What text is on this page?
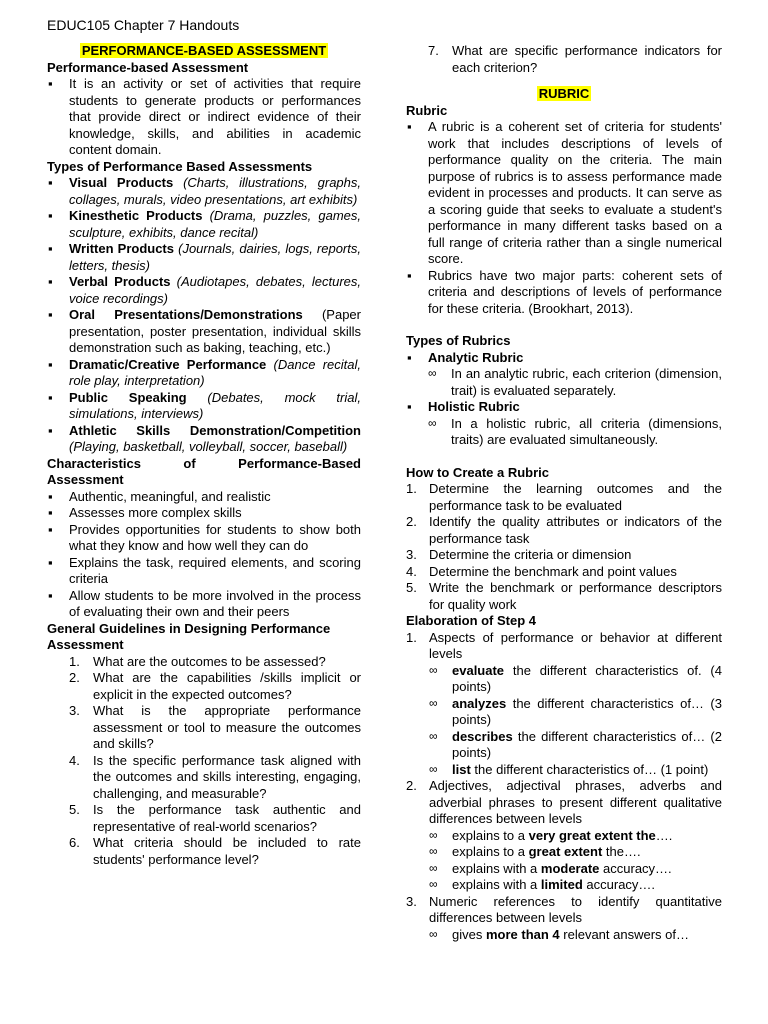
EDUC105 Chapter 7 Handouts
PERFORMANCE-BASED ASSESSMENT
Performance-based Assessment
▪ It is an activity or set of activities that require students to generate products or performances that provide direct or indirect evidence of their knowledge, skills, and abilities in academic content domain.
Types of Performance Based Assessments
▪ Visual Products (Charts, illustrations, graphs, collages, murals, video presentations, art exhibits)
▪ Kinesthetic Products (Drama, puzzles, games, sculpture, exhibits, dance recital)
▪ Written Products (Journals, dairies, logs, reports, letters, thesis)
▪ Verbal Products (Audiotapes, debates, lectures, voice recordings)
▪ Oral Presentations/Demonstrations (Paper presentation, poster presentation, individual skills demonstration such as baking, teaching, etc.)
▪ Dramatic/Creative Performance (Dance recital, role play, interpretation)
▪ Public Speaking (Debates, mock trial, simulations, interviews)
▪ Athletic Skills Demonstration/Competition (Playing, basketball, volleyball, soccer, baseball)
Characteristics of Performance-Based Assessment
▪ Authentic, meaningful, and realistic
▪ Assesses more complex skills
▪ Provides opportunities for students to show both what they know and how well they can do
▪ Explains the task, required elements, and scoring criteria
▪ Allow students to be more involved in the process of evaluating their own and their peers
General Guidelines in Designing Performance Assessment
1. What are the outcomes to be assessed?
2. What are the capabilities /skills implicit or explicit in the expected outcomes?
3. What is the appropriate performance assessment or tool to measure the outcomes and skills?
4. Is the specific performance task aligned with the outcomes and skills interesting, engaging, challenging, and measurable?
5. Is the performance task authentic and representative of real-world scenarios?
6. What criteria should be included to rate students' performance level?
7. What are specific performance indicators for each criterion?
RUBRIC
Rubric
▪ A rubric is a coherent set of criteria for students' work that includes descriptions of levels of performance quality on the criteria. The main purpose of rubrics is to assess performance made evident in processes and products. It can serve as a scoring guide that seeks to evaluate a student's performance in many different tasks based on a full range of criteria rather than a single numerical score.
▪ Rubrics have two major parts: coherent sets of criteria and descriptions of levels of performance for these criteria. (Brookhart, 2013).
Types of Rubrics
▪ Analytic Rubric
∞ In an analytic rubric, each criterion (dimension, trait) is evaluated separately.
▪ Holistic Rubric
∞ In a holistic rubric, all criteria (dimensions, traits) are evaluated simultaneously.
How to Create a Rubric
1. Determine the learning outcomes and the performance task to be evaluated
2. Identify the quality attributes or indicators of the performance task
3. Determine the criteria or dimension
4. Determine the benchmark and point values
5. Write the benchmark or performance descriptors for quality work
Elaboration of Step 4
1. Aspects of performance or behavior at different levels
∞ evaluate the different characteristics of. (4 points)
∞ analyzes the different characteristics of… (3 points)
∞ describes the different characteristics of… (2 points)
∞ list the different characteristics of… (1 point)
2. Adjectives, adjectival phrases, adverbs and adverbial phrases to present different qualitative differences between levels
∞ explains to a very great extent the….
∞ explains to a great extent the….
∞ explains with a moderate accuracy….
∞ explains with a limited accuracy….
3. Numeric references to identify quantitative differences between levels
∞ gives more than 4 relevant answers of…
